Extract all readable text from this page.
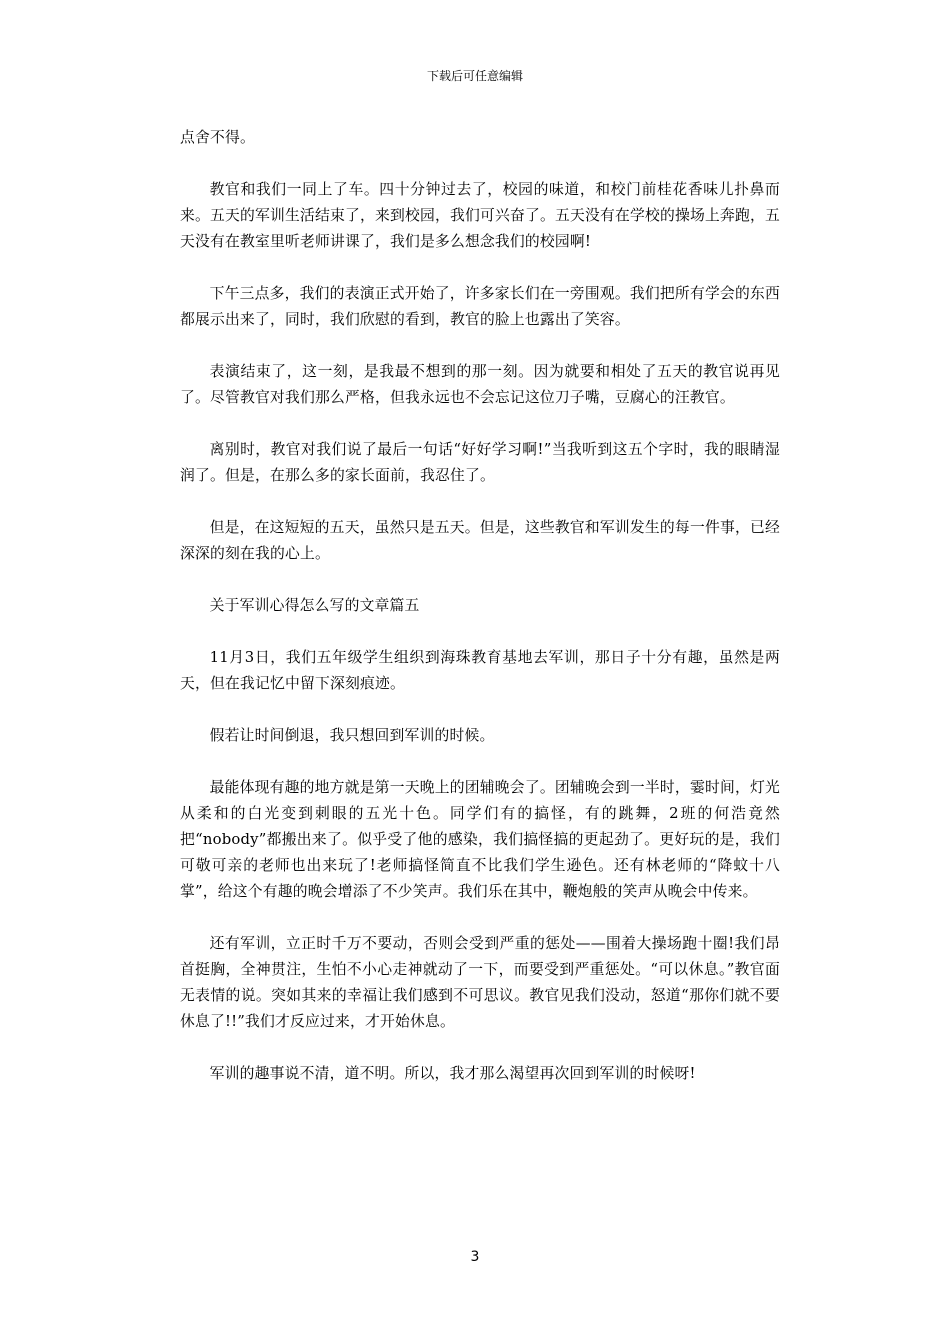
下载后可任意编辑

点舍不得。

教官和我们一同上了车。四十分钟过去了，校园的味道，和校门前桂花香味儿扑鼻而来。五天的军训生活结束了，来到校园，我们可兴奋了。五天没有在学校的操场上奔跑，五天没有在教室里听老师讲课了，我们是多么想念我们的校园啊!

下午三点多，我们的表演正式开始了，许多家长们在一旁围观。我们把所有学会的东西都展示出来了，同时，我们欣慰的看到，教官的脸上也露出了笑容。

表演结束了，这一刻，是我最不想到的那一刻。因为就要和相处了五天的教官说再见了。尽管教官对我们那么严格，但我永远也不会忘记这位刀子嘴，豆腐心的汪教官。

离别时，教官对我们说了最后一句话“好好学习啊!”当我听到这五个字时，我的眼睛湿润了。但是，在那么多的家长面前，我忍住了。

但是，在这短短的五天，虽然只是五天。但是，这些教官和军训发生的每一件事，已经深深的刻在我的心上。

关于军训心得怎么写的文章篇五

11月3日，我们五年级学生组织到海珠教育基地去军训，那日子十分有趣，虽然是两天，但在我记忆中留下深刻痕迹。

假若让时间倒退，我只想回到军训的时候。

最能体现有趣的地方就是第一天晚上的团辅晚会了。团辅晚会到一半时，霎时间，灯光从柔和的白光变到刺眼的五光十色。同学们有的搞怪，有的跳舞，2班的何浩竟然把“nobody”都搬出来了。似乎受了他的感染，我们搞怪搞的更起劲了。更好玩的是，我们可敬可亲的老师也出来玩了!老师搞怪简直不比我们学生逊色。还有林老师的“降蚊十八掌”，给这个有趣的晚会增添了不少笑声。我们乐在其中，鞭炮般的笑声从晚会中传来。

还有军训，立正时千万不要动，否则会受到严重的惩处——围着大操场跑十圈!我们昂首挺胸，全神贯注，生怕不小心走神就动了一下，而要受到严重惩处。“可以休息。”教官面无表情的说。突如其来的幸福让我们感到不可思议。教官见我们没动，怒道“那你们就不要休息了!!”我们才反应过来，才开始休息。

军训的趣事说不清，道不明。所以，我才那么渴望再次回到军训的时候呀!

3
